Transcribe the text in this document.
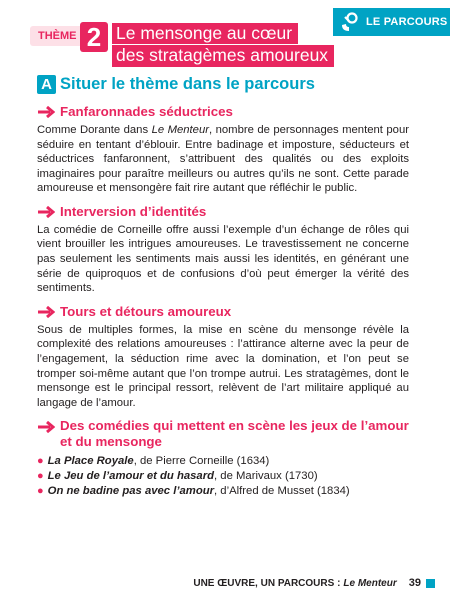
LE PARCOURS
THÈME 2 Le mensonge au cœur
des stratagèmes amoureux
A Situer le thème dans le parcours
Fanfaronnades séductrices

Comme Dorante dans Le Menteur, nombre de personnages mentent pour séduire en tentant d’éblouir. Entre badinage et imposture, séducteurs et séductrices fanfaronnent, s’attribuent des qualités ou des exploits imaginaires pour paraître meilleurs ou autres qu’ils ne sont. Cette parade amoureuse et mensongère fait rire autant que réfléchir le public.

Interversion d’identités

La comédie de Corneille offre aussi l’exemple d’un échange de rôles qui vient brouiller les intrigues amoureuses. Le travestissement ne concerne pas seulement les sentiments mais aussi les identités, en générant une série de quiproquos et de confusions d’où peut émerger la vérité des sentiments.

Tours et détours amoureux

Sous de multiples formes, la mise en scène du mensonge révèle la complexité des relations amoureuses : l’attirance alterne avec la peur de l’engagement, la séduction rime avec la domination, et l’on peut se tromper soi-même autant que l’on trompe autrui. Les stratagèmes, dont le mensonge est le principal ressort, relèvent de l’art militaire appliqué au langage de l’amour.

Des comédies qui mettent en scène les jeux de l’amour et du mensonge
● La Place Royale, de Pierre Corneille (1634)
● Le Jeu de l’amour et du hasard, de Marivaux (1730)
● On ne badine pas avec l’amour, d’Alfred de Musset (1834)
UNE ŒUVRE, UN PARCOURS : Le Menteur 39
